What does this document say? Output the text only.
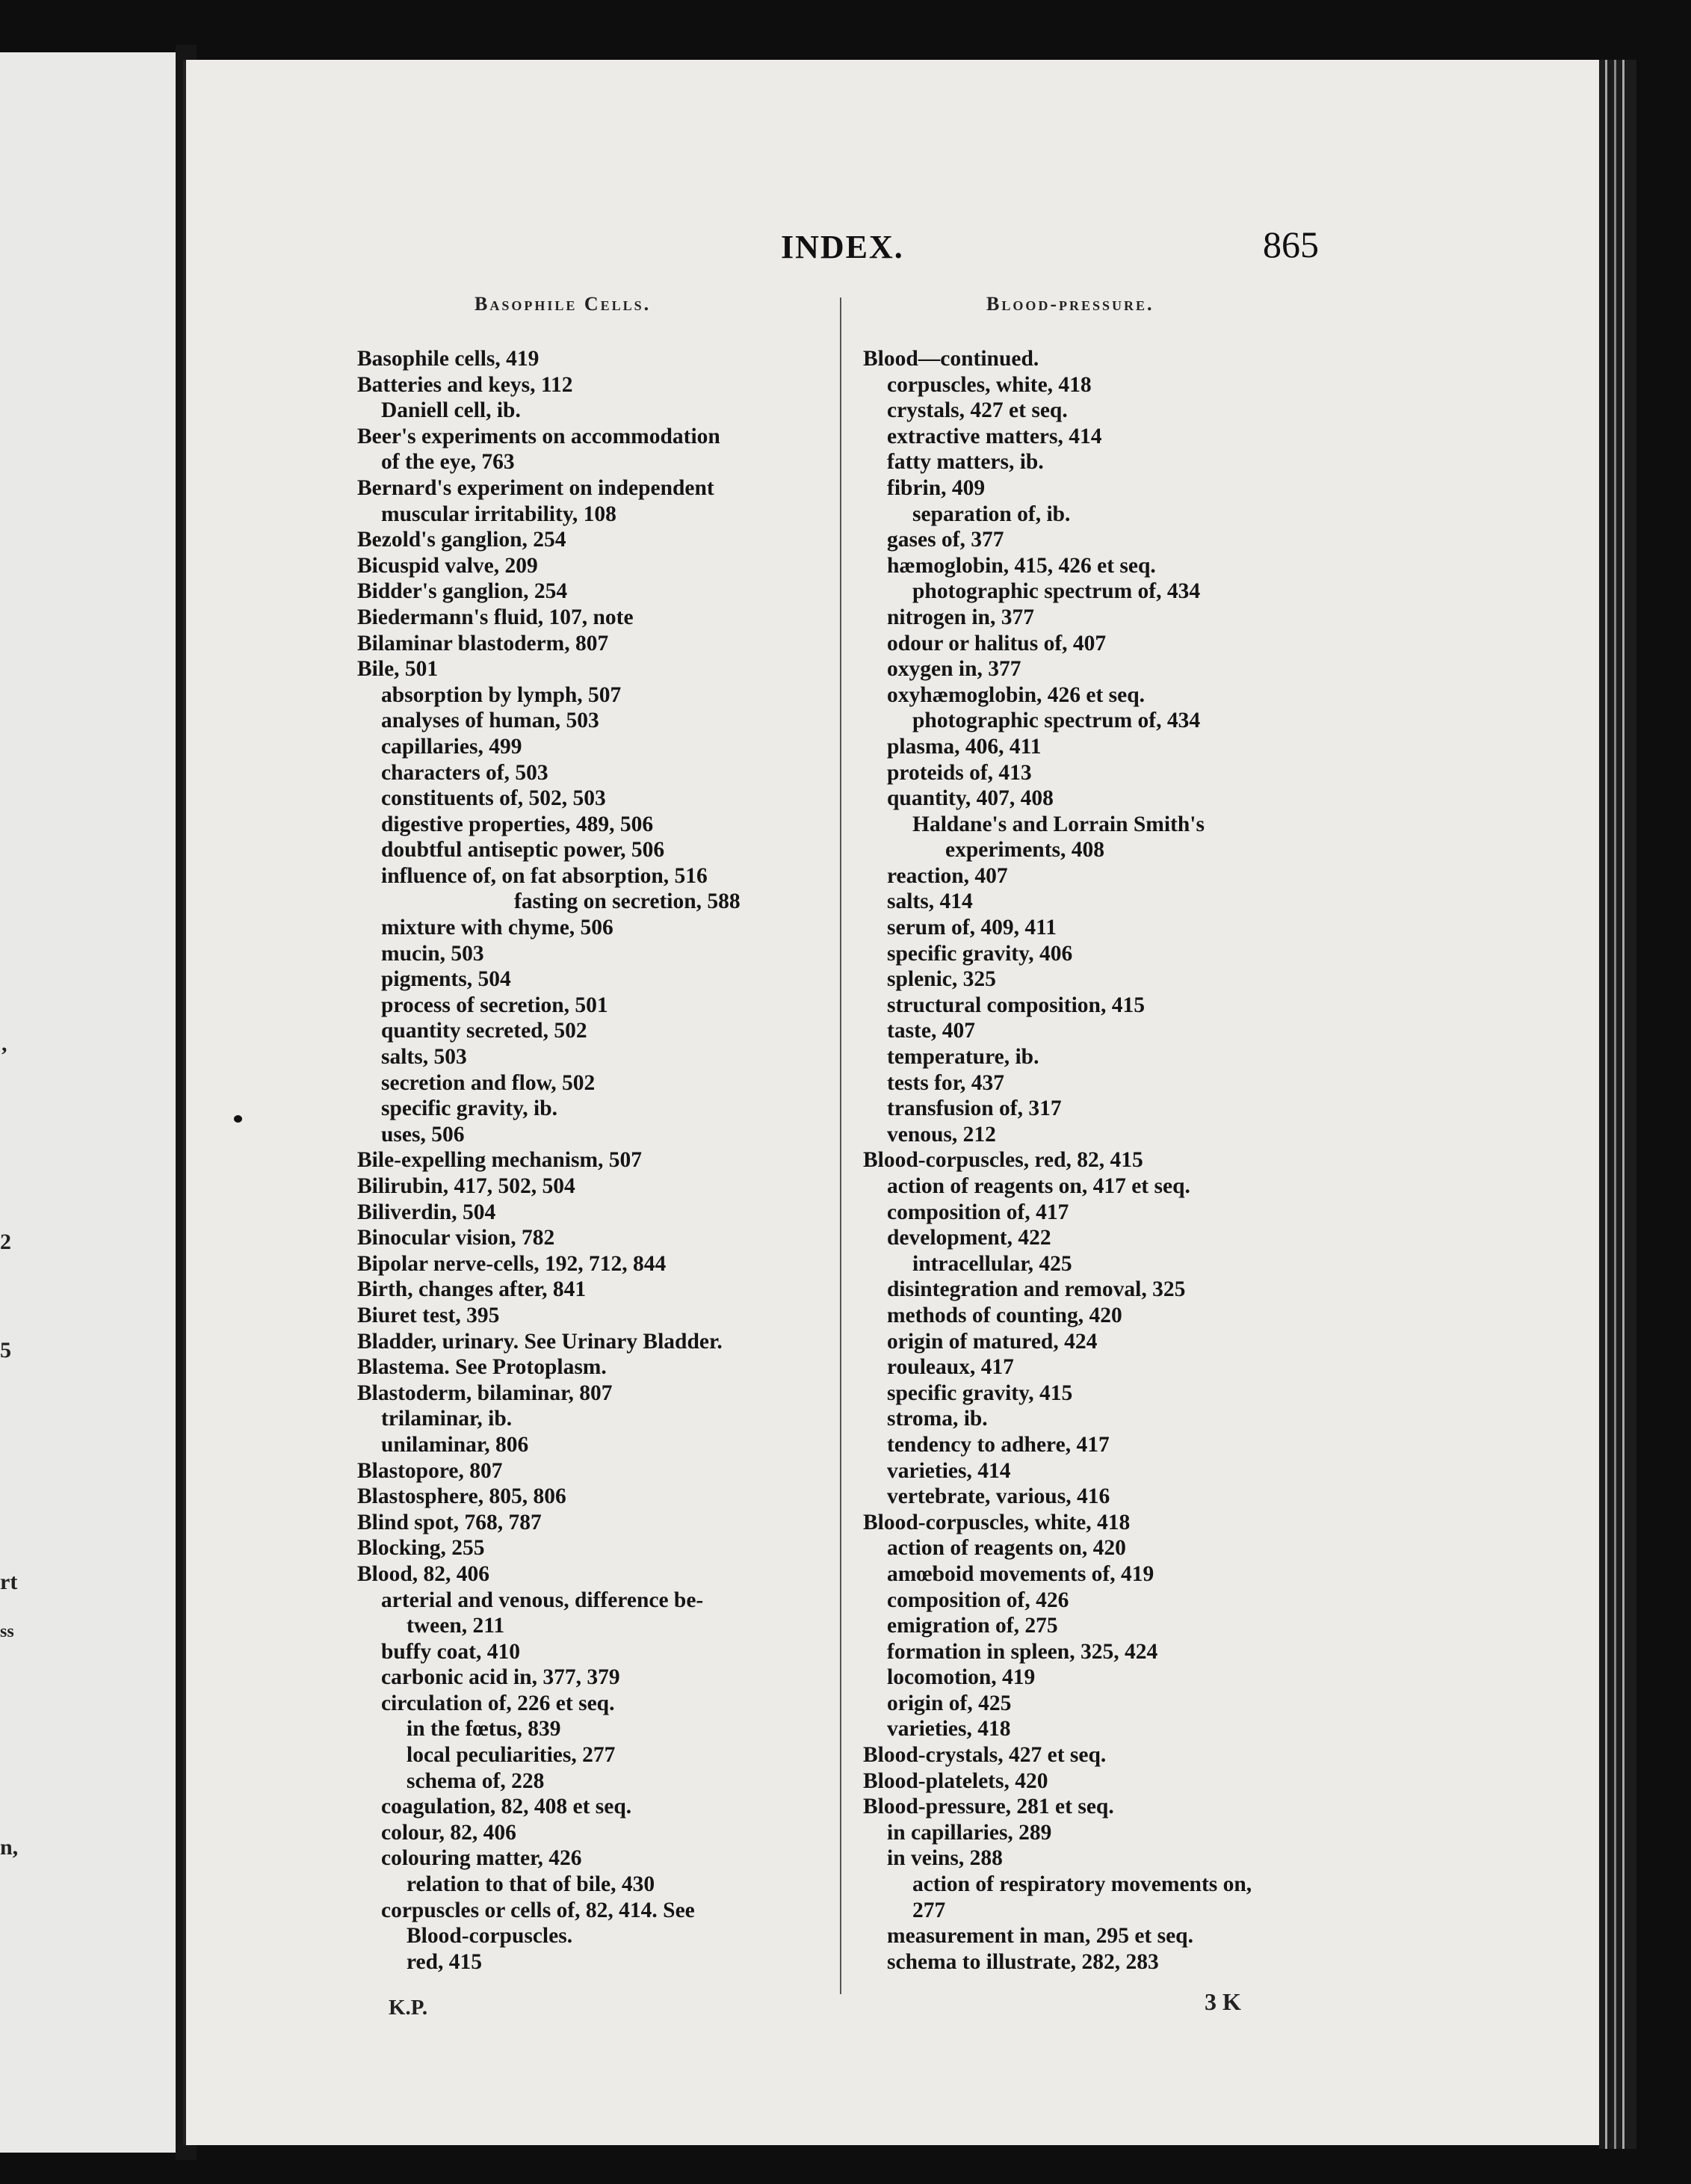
,
2
5
rt
ss
n,
INDEX.	865
Basophile Cells.	Blood-pressure.
Basophile cells, 419
Batteries and keys, 112
Daniell cell, ib.
Beer's experiments on accommodation
of the eye, 763
Bernard's experiment on independent
muscular irritability, 108
Bezold's ganglion, 254
Bicuspid valve, 209
Bidder's ganglion, 254
Biedermann's fluid, 107, note
Bilaminar blastoderm, 807
Bile, 501
absorption by lymph, 507
analyses of human, 503
capillaries, 499
characters of, 503
constituents of, 502, 503
digestive properties, 489, 506
doubtful antiseptic power, 506
influence of, on fat absorption, 516
fasting on secretion, 588
mixture with chyme, 506
mucin, 503
pigments, 504
process of secretion, 501
quantity secreted, 502
salts, 503
secretion and flow, 502
specific gravity, ib.
uses, 506
Bile-expelling mechanism, 507
Bilirubin, 417, 502, 504
Biliverdin, 504
Binocular vision, 782
Bipolar nerve-cells, 192, 712, 844
Birth, changes after, 841
Biuret test, 395
Bladder, urinary. See Urinary Bladder.
Blastema. See Protoplasm.
Blastoderm, bilaminar, 807
trilaminar, ib.
unilaminar, 806
Blastopore, 807
Blastosphere, 805, 806
Blind spot, 768, 787
Blocking, 255
Blood, 82, 406
arterial and venous, difference be-
tween, 211
buffy coat, 410
carbonic acid in, 377, 379
circulation of, 226 et seq.
in the fœtus, 839
local peculiarities, 277
schema of, 228
coagulation, 82, 408 et seq.
colour, 82, 406
colouring matter, 426
relation to that of bile, 430
corpuscles or cells of, 82, 414. See
Blood-corpuscles.
red, 415
Blood—continued.
corpuscles, white, 418
crystals, 427 et seq.
extractive matters, 414
fatty matters, ib.
fibrin, 409
separation of, ib.
gases of, 377
hæmoglobin, 415, 426 et seq.
photographic spectrum of, 434
nitrogen in, 377
odour or halitus of, 407
oxygen in, 377
oxyhæmoglobin, 426 et seq.
photographic spectrum of, 434
plasma, 406, 411
proteids of, 413
quantity, 407, 408
Haldane's and Lorrain Smith's
experiments, 408
reaction, 407
salts, 414
serum of, 409, 411
specific gravity, 406
splenic, 325
structural composition, 415
taste, 407
temperature, ib.
tests for, 437
transfusion of, 317
venous, 212
Blood-corpuscles, red, 82, 415
action of reagents on, 417 et seq.
composition of, 417
development, 422
intracellular, 425
disintegration and removal, 325
methods of counting, 420
origin of matured, 424
rouleaux, 417
specific gravity, 415
stroma, ib.
tendency to adhere, 417
varieties, 414
vertebrate, various, 416
Blood-corpuscles, white, 418
action of reagents on, 420
amœboid movements of, 419
composition of, 426
emigration of, 275
formation in spleen, 325, 424
locomotion, 419
origin of, 425
varieties, 418
Blood-crystals, 427 et seq.
Blood-platelets, 420
Blood-pressure, 281 et seq.
in capillaries, 289
in veins, 288
action of respiratory movements on,
277
measurement in man, 295 et seq.
schema to illustrate, 282, 283
K.P.	3 K
